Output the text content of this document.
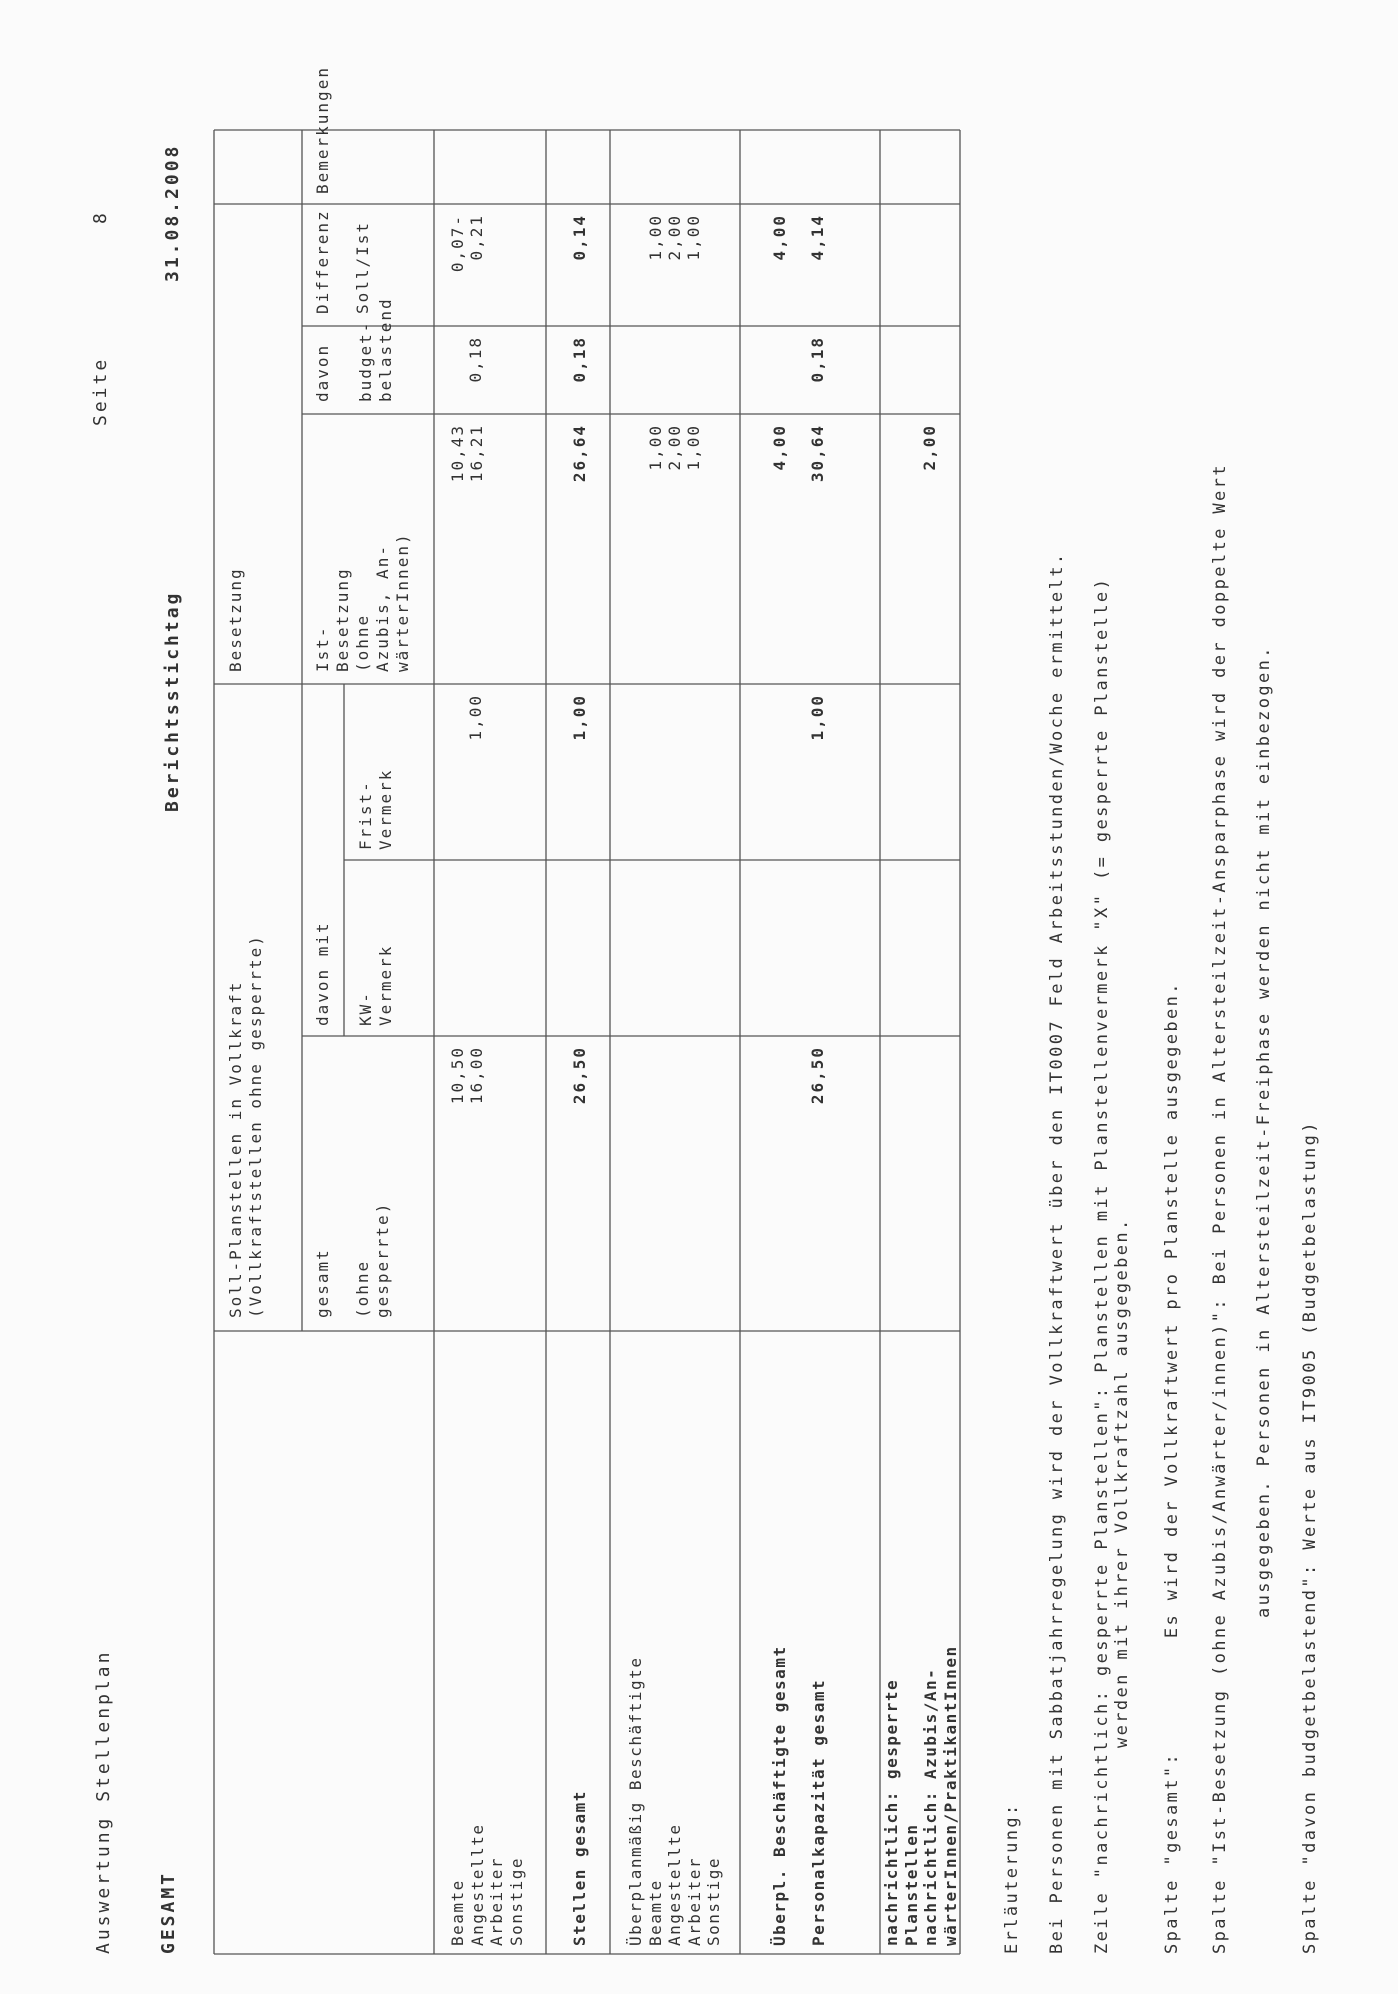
Auswertung Stellenplan GESAMT
Seite
8
Berichtsstichtag
31.08.2008
Soll-Planstellen in Vollkraft
(Vollkraftstellen ohne gesperrte)	davon mit
Besetzung
davon
gesamt

(ohne
gesperrte)
KW-
Vermerk
Frist-
Vermerk
Ist-
Besetzung
(ohne
Azubis, An-
wärterInnen)
budget-
belastend
Differenz

Soll/Ist
Bemerkungen
Beamte
Angestellte
Arbeiter
Sonstige
10,50
16,00
1,00
10,43
16,21
0,18
0,07-
0,21
Stellen gesamt
26,50
1,00
26,64
0,18
0,14
Überplanmäßig Beschäftigte
Beamte
Angestellte
Arbeiter
Sonstige
1,00
2,00
1,00
1,00
2,00
1,00
Überpl. Beschäftigte gesamt

Personalkapazität gesamt

26,50

1,00
4,00

30,64

0,18
4,00

4,14
nachrichtlich: gesperrte
Planstellen
nachrichtlich: Azubis/An-
wärterInnen/PraktikantInnen

2,00
Erläuterung: Bei Personen mit Sabbatjahrregelung wird der Vollkraftwert über den IT0007 Feld Arbeitsstunden/Woche ermittelt. Zeile "nachrichtlich: gesperrte Planstellen": Planstellen mit Planstellenvermerk "X" (= gesperrte Planstelle) werden mit ihrer Vollkraftzahl ausgegeben. Spalte "gesamt":         Es wird der Vollkraftwert pro Planstelle ausgegeben. Spalte "Ist-Besetzung (ohne Azubis/Anwärter/innen)": Bei Personen in Altersteilzeit-Ansparphase wird der doppelte Wert ausgegeben. Personen in Altersteilzeit-Freiphase werden nicht mit einbezogen. Spalte "davon budgetbelastend": Werte aus IT9005 (Budgetbelastung)
